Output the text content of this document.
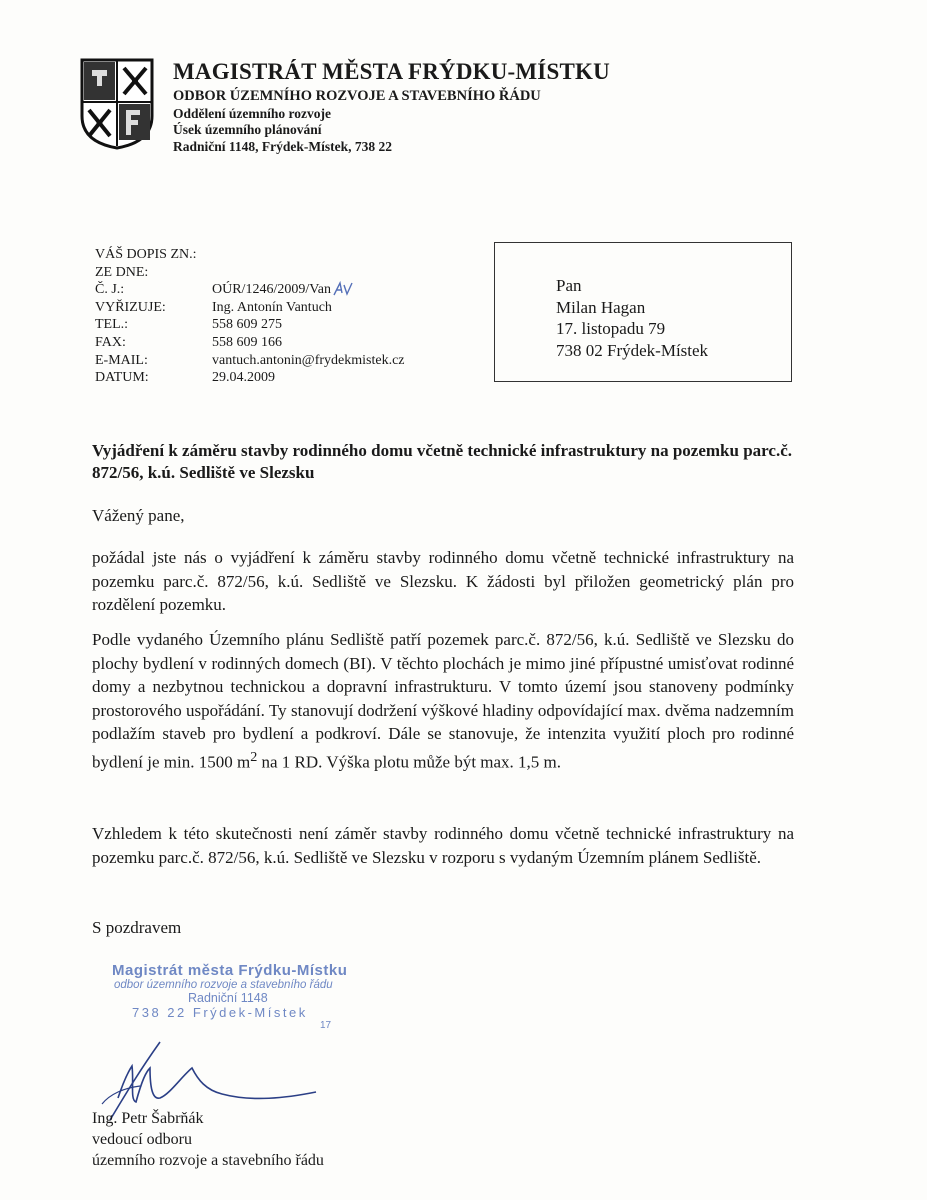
MAGISTRÁT MĚSTA FRÝDKU-MÍSTKU
ODBOR ÚZEMNÍHO ROZVOJE A STAVEBNÍHO ŘÁDU
Oddělení územního rozvoje
Úsek územního plánování
Radniční 1148, Frýdek-Místek, 738 22
VÁŠ DOPIS ZN.:
ZE DNE:
Č. J.:	OÚR/1246/2009/Van
VYŘIZUJE:	Ing. Antonín Vantuch
TEL.:	558 609 275
FAX:	558 609 166
E-MAIL:	vantuch.antonin@frydekmistek.cz
DATUM:	29.04.2009
Pan
Milan Hagan
17. listopadu 79
738 02 Frýdek-Místek
Vyjádření k záměru stavby rodinného domu včetně technické infrastruktury na pozemku parc.č. 872/56, k.ú. Sedliště ve Slezsku
Vážený pane,

požádal jste nás o vyjádření k záměru stavby rodinného domu včetně technické infrastruktury na pozemku parc.č. 872/56, k.ú. Sedliště ve Slezsku. K žádosti byl přiložen geometrický plán pro rozdělení pozemku.

Podle vydaného Územního plánu Sedliště patří pozemek parc.č. 872/56, k.ú. Sedliště ve Slezsku do plochy bydlení v rodinných domech (BI). V těchto plochách je mimo jiné přípustné umisťovat rodinné domy a nezbytnou technickou a dopravní infrastrukturu. V tomto území jsou stanoveny podmínky prostorového uspořádání. Ty stanovují dodržení výškové hladiny odpovídající max. dvěma nadzemním podlažím staveb pro bydlení a podkroví. Dále se stanovuje, že intenzita využití ploch pro rodinné bydlení je min. 1500 $m^2$ na 1 RD. Výška plotu může být max. 1,5 m.

Vzhledem k této skutečnosti není záměr stavby rodinného domu včetně technické infrastruktury na pozemku parc.č. 872/56, k.ú. Sedliště ve Slezsku v rozporu s vydaným Územním plánem Sedliště.

S pozdravem
Magistrát města Frýdku-Místku
odbor územního rozvoje a stavebního řádu
Radniční 1148
738 22 Frýdek-Místek
17
Ing. Petr Šabrňák
vedoucí odboru
územního rozvoje a stavebního řádu
